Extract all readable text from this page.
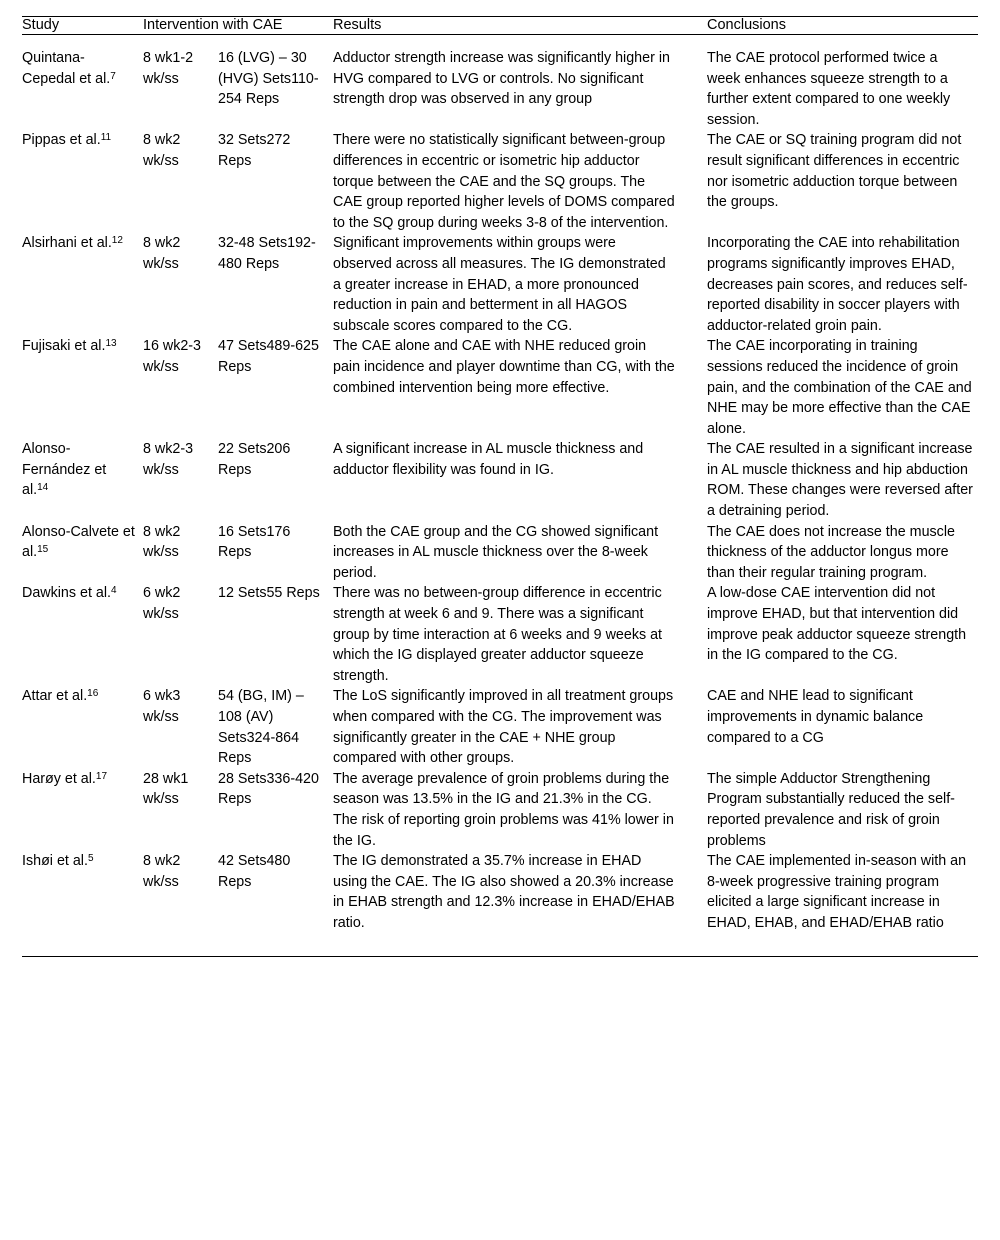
Study	Intervention with CAE		Results	Conclusions
Quintana-Cepedal et al.$^7$	8 wk1-2 wk/ss	16 (LVG) – 30 (HVG) Sets110-254 Reps	Adductor strength increase was significantly higher in HVG compared to LVG or controls. No significant strength drop was observed in any group	The CAE protocol performed twice a week enhances squeeze strength to a further extent compared to one weekly session.
Pippas et al.$^{11}$	8 wk2 wk/ss	32 Sets272 Reps	There were no statistically significant between-group differences in eccentric or isometric hip adductor torque between the CAE and the SQ groups. The CAE group reported higher levels of DOMS compared to the SQ group during weeks 3-8 of the intervention.	The CAE or SQ training program did not result significant differences in eccentric nor isometric adduction torque between the groups.
Alsirhani et al.$^{12}$	8 wk2 wk/ss	32-48 Sets192-480 Reps	Significant improvements within groups were observed across all measures. The IG demonstrated a greater increase in EHAD, a more pronounced reduction in pain and betterment in all HAGOS subscale scores compared to the CG.	Incorporating the CAE into rehabilitation programs significantly improves EHAD, decreases pain scores, and reduces self-reported disability in soccer players with adductor-related groin pain.
Fujisaki et al.$^{13}$	16 wk2-3 wk/ss	47 Sets489-625 Reps	The CAE alone and CAE with NHE reduced groin pain incidence and player downtime than CG, with the combined intervention being more effective.	The CAE incorporating in training sessions reduced the incidence of groin pain, and the combination of the CAE and NHE may be more effective than the CAE alone.
Alonso-Fernández et al.$^{14}$	8 wk2-3 wk/ss	22 Sets206 Reps	A significant increase in AL muscle thickness and adductor flexibility was found in IG.	The CAE resulted in a significant increase in AL muscle thickness and hip abduction ROM. These changes were reversed after a detraining period.
Alonso-Calvete et al.$^{15}$	8 wk2 wk/ss	16 Sets176 Reps	Both the CAE group and the CG showed significant increases in AL muscle thickness over the 8-week period.	The CAE does not increase the muscle thickness of the adductor longus more than their regular training program.
Dawkins et al.$^4$	6 wk2 wk/ss	12 Sets55 Reps	There was no between-group difference in eccentric strength at week 6 and 9. There was a significant group by time interaction at 6 weeks and 9 weeks at which the IG displayed greater adductor squeeze strength.	A low-dose CAE intervention did not improve EHAD, but that intervention did improve peak adductor squeeze strength in the IG compared to the CG.
Attar et al.$^{16}$	6 wk3 wk/ss	54 (BG, IM) – 108 (AV) Sets324-864 Reps	The LoS significantly improved in all treatment groups when compared with the CG. The improvement was significantly greater in the CAE + NHE group compared with other groups.	CAE and NHE lead to significant improvements in dynamic balance compared to a CG
Harøy et al.$^{17}$	28 wk1 wk/ss	28 Sets336-420 Reps	The average prevalence of groin problems during the season was 13.5% in the IG and 21.3% in the CG. The risk of reporting groin problems was 41% lower in the IG.	The simple Adductor Strengthening Program substantially reduced the self-reported prevalence and risk of groin problems
Ishøi et al.$^5$	8 wk2 wk/ss	42 Sets480 Reps	The IG demonstrated a 35.7% increase in EHAD using the CAE. The IG also showed a 20.3% increase in EHAB strength and 12.3% increase in EHAD/EHAB ratio.	The CAE implemented in-season with an 8-week progressive training program elicited a large significant increase in EHAD, EHAB, and EHAD/EHAB ratio
